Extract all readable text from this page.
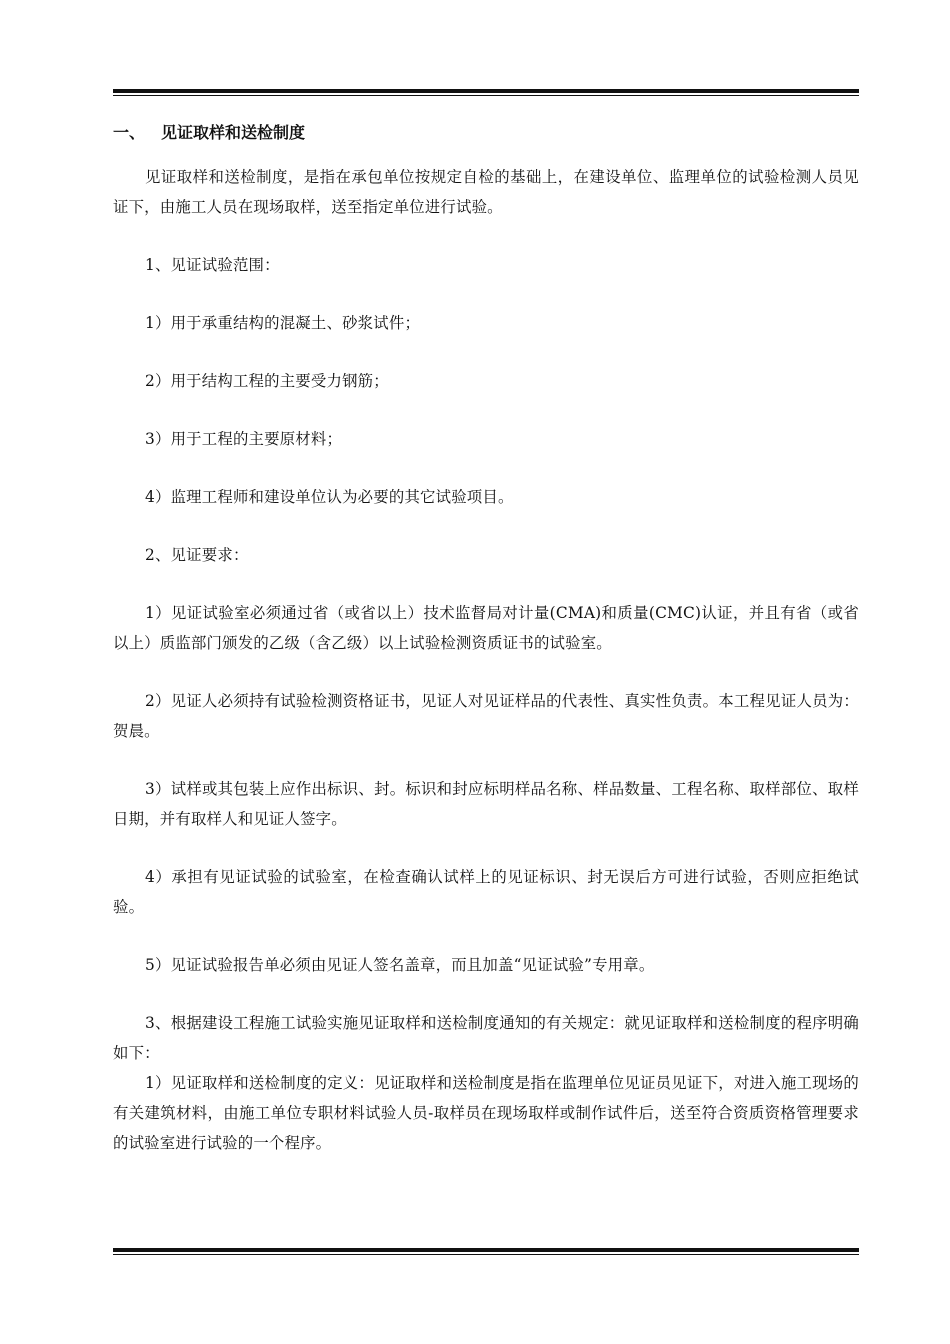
一、 见证取样和送检制度

见证取样和送检制度，是指在承包单位按规定自检的基础上，在建设单位、监理单位的试验检测人员见证下，由施工人员在现场取样，送至指定单位进行试验。

1、见证试验范围：

1）用于承重结构的混凝土、砂浆试件；

2）用于结构工程的主要受力钢筋；

3）用于工程的主要原材料；

4）监理工程师和建设单位认为必要的其它试验项目。

2、见证要求：

1）见证试验室必须通过省（或省以上）技术监督局对计量(CMA)和质量(CMC)认证，并且有省（或省以上）质监部门颁发的乙级（含乙级）以上试验检测资质证书的试验室。

2）见证人必须持有试验检测资格证书，见证人对见证样品的代表性、真实性负责。本工程见证人员为：贺晨。

3）试样或其包装上应作出标识、封。标识和封应标明样品名称、样品数量、工程名称、取样部位、取样日期，并有取样人和见证人签字。

4）承担有见证试验的试验室，在检查确认试样上的见证标识、封无误后方可进行试验，否则应拒绝试验。

5）见证试验报告单必须由见证人签名盖章，而且加盖“见证试验”专用章。

3、根据建设工程施工试验实施见证取样和送检制度通知的有关规定：就见证取样和送检制度的程序明确如下：

1）见证取样和送检制度的定义：见证取样和送检制度是指在监理单位见证员见证下，对进入施工现场的有关建筑材料，由施工单位专职材料试验人员-取样员在现场取样或制作试件后，送至符合资质资格管理要求的试验室进行试验的一个程序。
